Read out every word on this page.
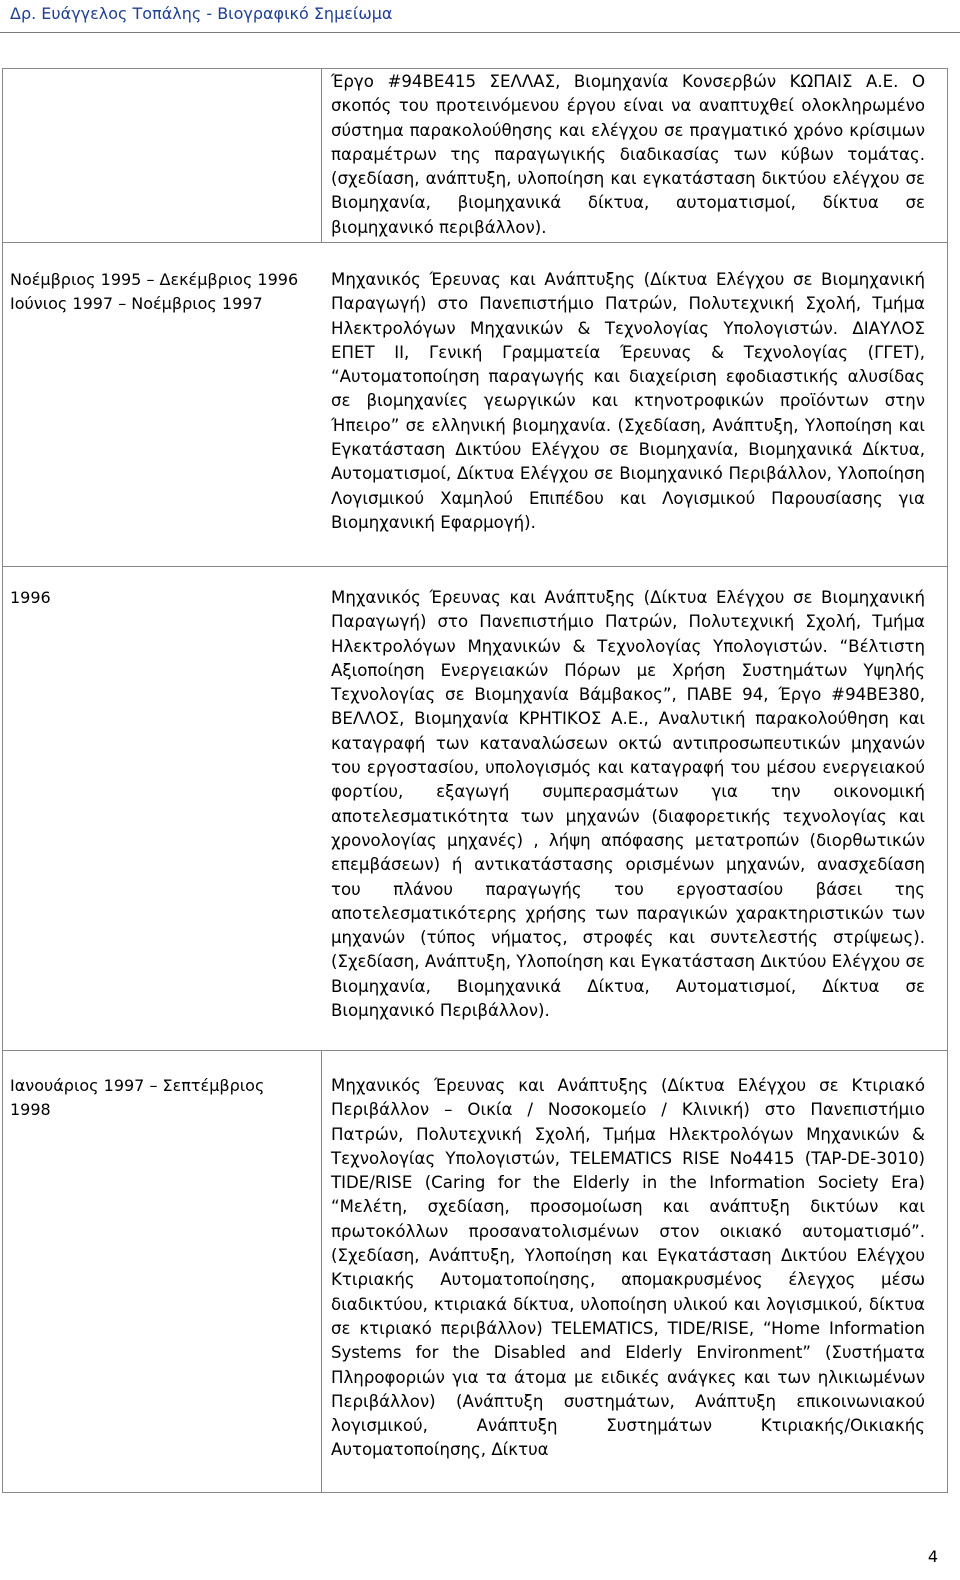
Δρ. Ευάγγελος Τοπάλης - Βιογραφικό Σημείωμα
Έργο #94ΒΕ415 ΣΕΛΛΑΣ, Βιομηχανία Κονσερβών ΚΩΠΑΙΣ Α.Ε. Ο σκοπός του προτεινόμενου έργου είναι να αναπτυχθεί ολοκληρωμένο σύστημα παρακολούθησης και ελέγχου σε πραγματικό χρόνο κρίσιμων παραμέτρων της παραγωγικής διαδικασίας των κύβων τομάτας. (σχεδίαση, ανάπτυξη, υλοποίηση και εγκατάσταση δικτύου ελέγχου σε Βιομηχανία, βιομηχανικά δίκτυα, αυτοματισμοί, δίκτυα σε βιομηχανικό περιβάλλον).
Νοέμβριος 1995 – Δεκέμβριος 1996 Ιούνιος 1997 – Νοέμβριος 1997
Μηχανικός Έρευνας και Ανάπτυξης (Δίκτυα Ελέγχου σε Βιομηχανική Παραγωγή) στο Πανεπιστήμιο Πατρών, Πολυτεχνική Σχολή, Τμήμα Ηλεκτρολόγων Μηχανικών & Τεχνολογίας Υπολογιστών. ΔΙΑΥΛΟΣ ΕΠΕΤ ΙΙ, Γενική Γραμματεία Έρευνας & Τεχνολογίας (ΓΓΕΤ), “Αυτοματοποίηση παραγωγής και διαχείριση εφοδιαστικής αλυσίδας σε βιομηχανίες γεωργικών και κτηνοτροφικών προϊόντων στην Ήπειρο” σε ελληνική βιομηχανία. (Σχεδίαση, Ανάπτυξη, Υλοποίηση και Εγκατάσταση Δικτύου Ελέγχου σε Βιομηχανία, Βιομηχανικά Δίκτυα, Αυτοματισμοί, Δίκτυα Ελέγχου σε Βιομηχανικό Περιβάλλον, Υλοποίηση Λογισμικού Χαμηλού Επιπέδου και Λογισμικού Παρουσίασης για Βιομηχανική Εφαρμογή).
1996	Μηχανικός Έρευνας και Ανάπτυξης (Δίκτυα Ελέγχου σε Βιομηχανική Παραγωγή) στο Πανεπιστήμιο Πατρών, Πολυτεχνική Σχολή, Τμήμα Ηλεκτρολόγων Μηχανικών & Τεχνολογίας Υπολογιστών. “Βέλτιστη Αξιοποίηση Ενεργειακών Πόρων με Χρήση Συστημάτων Υψηλής Τεχνολογίας σε Βιομηχανία Βάμβακος”, ΠΑΒΕ 94, Έργο #94ΒΕ380, ΒΕΛΛΟΣ, Βιομηχανία ΚΡΗΤΙΚΟΣ Α.Ε., Αναλυτική παρακολούθηση και καταγραφή των καταναλώσεων οκτώ αντιπροσωπευτικών μηχανών του εργοστασίου, υπολογισμός και καταγραφή του μέσου ενεργειακού φορτίου, εξαγωγή συμπερασμάτων για την οικονομική αποτελεσματικότητα των μηχανών (διαφορετικής τεχνολογίας και χρονολογίας μηχανές) , λήψη απόφασης μετατροπών (διορθωτικών επεμβάσεων) ή αντικατάστασης ορισμένων μηχανών, ανασχεδίαση του πλάνου παραγωγής του εργοστασίου βάσει της αποτελεσματικότερης χρήσης των παραγικών χαρακτηριστικών των μηχανών (τύπος νήματος, στροφές και συντελεστής στρίψεως). (Σχεδίαση, Ανάπτυξη, Υλοποίηση και Εγκατάσταση Δικτύου Ελέγχου σε Βιομηχανία, Βιομηχανικά Δίκτυα, Αυτοματισμοί, Δίκτυα σε Βιομηχανικό Περιβάλλον).
Ιανουάριος 1997 – Σεπτέμβριος 1998
Μηχανικός Έρευνας και Ανάπτυξης (Δίκτυα Ελέγχου σε Κτιριακό Περιβάλλον – Οικία / Νοσοκομείο / Κλινική) στο Πανεπιστήμιο Πατρών, Πολυτεχνική Σχολή, Τμήμα Ηλεκτρολόγων Μηχανικών & Τεχνολογίας Υπολογιστών, TELEMATICS RISE No4415 (TAP-DE-3010) TIDE/RISE (Caring for the Elderly in the Information Society Era) “Μελέτη, σχεδίαση, προσομοίωση και ανάπτυξη δικτύων και πρωτοκόλλων προσανατολισμένων στον οικιακό αυτοματισμό”. (Σχεδίαση, Ανάπτυξη, Υλοποίηση και Εγκατάσταση Δικτύου Ελέγχου Κτιριακής Αυτοματοποίησης, απομακρυσμένος έλεγχος μέσω διαδικτύου, κτιριακά δίκτυα, υλοποίηση υλικού και λογισμικού, δίκτυα σε κτιριακό περιβάλλον) TELEMATICS, TIDE/RISE, “Home Information Systems for the Disabled and Elderly Environment” (Συστήματα Πληροφοριών για τα άτομα με ειδικές ανάγκες και των ηλικιωμένων Περιβάλλον) (Ανάπτυξη συστημάτων, Ανάπτυξη επικοινωνιακού λογισμικού, Ανάπτυξη Συστημάτων Κτιριακής/Οικιακής Αυτοματοποίησης, Δίκτυα
4
